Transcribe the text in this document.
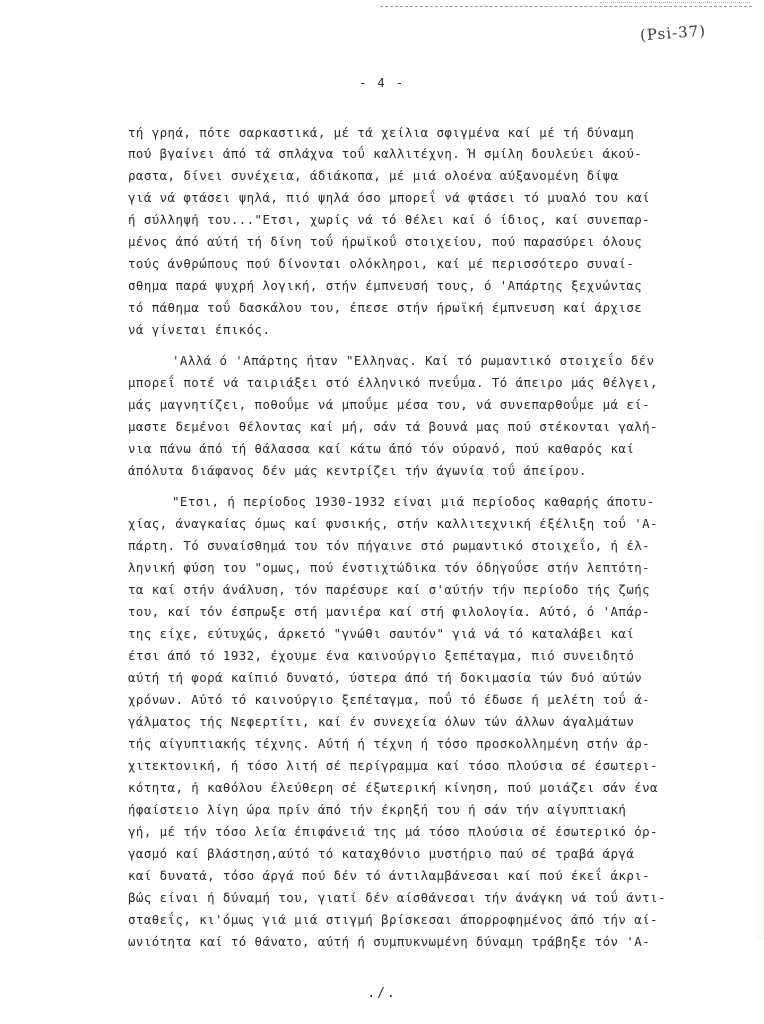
(Psi-37)
- 4 -
τή γρηά, πότε σαρκαστικά, μέ τά χείλια σφιγμένα καί μέ τή δύναμη
πού βγαίνει άπό τά σπλάχνα τοΰ καλλιτέχνη. Ή σμίλη δουλεύει άκού-
ραστα, δίνει συνέχεια, άδιάκοπα, μέ μιά ολοένα αύξανομένη δίψα
γιά νά φτάσει ψηλά, πιό ψηλά όσο μπορεΐ νά φτάσει τό μυαλό του καί
ή σύλληψή του..."Ετσι, χωρίς νά τό θέλει καί ό ίδιος, καί συνεπαρ-
μένος άπό αύτή τή δίνη τοΰ ήρωϊκοΰ στοιχείου, πού παρασύρει όλους
τούς άνθρώπους πού δίνονται ολόκληροι, καί μέ περισσότερο συναί-
σθημα παρά ψυχρή λογική, στήν έμπνευσή τους, ό 'Απάρτης ξεχνώντας
τό πάθημα τοΰ δασκάλου του, έπεσε στήν ήρωϊκή έμπνευση καί άρχισε
νά γίνεται έπικός.
'Αλλά ό 'Απάρτης ήταν "Ελληνας. Καί τό ρωμαντικό στοιχεΐο δέν
μπορεΐ ποτέ νά ταιριάξει στό έλληνικό πνεΰμα. Τό άπειρο μάς θέλγει,
μάς μαγνητίζει, ποθοΰμε νά μποΰμε μέσα του, νά συνεπαρθοΰμε μά εί-
μαστε δεμένοι θέλοντας καί μή, σάν τά βουνά μας πού στέκονται γαλή-
νια πάνω άπό τή θάλασσα καί κάτω άπό τόν ούρανό, πού καθαρός καί
άπόλυτα διάφανος δέν μάς κεντρίζει τήν άγωνία τοΰ άπείρου.
"Ετσι, ή περίοδος 1930-1932 είναι μιά περίοδος καθαρής άποτυ-
χίας, άναγκαίας όμως καί φυσικής, στήν καλλιτεχνική έξέλιξη τοΰ 'Α-
πάρτη. Τό συναίσθημά του τόν πήγαινε στό ρωμαντικό στοιχεΐο, ή έλ-
ληνική φύση του "ομως, πού ένστιχτώδικα τόν όδηγοΰσε στήν λεπτότη-
τα καί στήν άνάλυση, τόν παρέσυρε καί σ'αύτήν τήν περίοδο τής ζωής
του, καί τόν έσπρωξε στή μανιέρα καί στή φιλολογία. Αύτό, ό 'Απάρ-
της είχε, εύτυχώς, άρκετό "γνώθι σαυτόν" γιά νά τό καταλάβει καί
έτσι άπό τό 1932, έχουμε ένα καινούργιο ξεπέταγμα, πιό συνειδητό
αύτή τή φορά καίπιό δυνατό, ύστερα άπό τή δοκιμασία τών δυό αύτών
χρόνων. Αύτό τό καινούργιο ξεπέταγμα, ποΰ τό έδωσε ή μελέτη τοΰ ά-
γάλματος τής Νεφερτίτι, καί έν συνεχεία όλων τών άλλων άγαλμάτων
τής αίγυπτιακής τέχνης. Αύτή ή τέχνη ή τόσο προσκολλημένη στήν άρ-
χιτεκτονική, ή τόσο λιτή σέ περίγραμμα καί τόσο πλούσια σέ έσωτερι-
κότητα, ή καθόλου έλεύθερη σέ έξωτερική κίνηση, πού μοιάζει σάν ένα
ήφαίστειο λίγη ώρα πρίν άπό τήν έκρηξή του ή σάν τήν αίγυπτιακή
γή, μέ τήν τόσο λεία έπιφάνειά της μά τόσο πλούσια σέ έσωτερικό όρ-
γασμό καί βλάστηση,αύτό τό καταχθόνιο μυστήριο παύ σέ τραβά άργά
καί δυνατά, τόσο άργά πού δέν τό άντιλαμβάνεσαι καί πού έκεΐ άκρι-
βώς είναι ή δύναμή του, γιατί δέν αίσθάνεσαι τήν άνάγκη νά τοΰ άντι-
σταθεΐς, κι'όμως γιά μιά στιγμή βρίσκεσαι άπορροφημένος άπό τήν αί-
ωνιότητα καί τό θάνατο, αύτή ή συμπυκνωμένη δύναμη τράβηξε τόν 'Α-
./.
